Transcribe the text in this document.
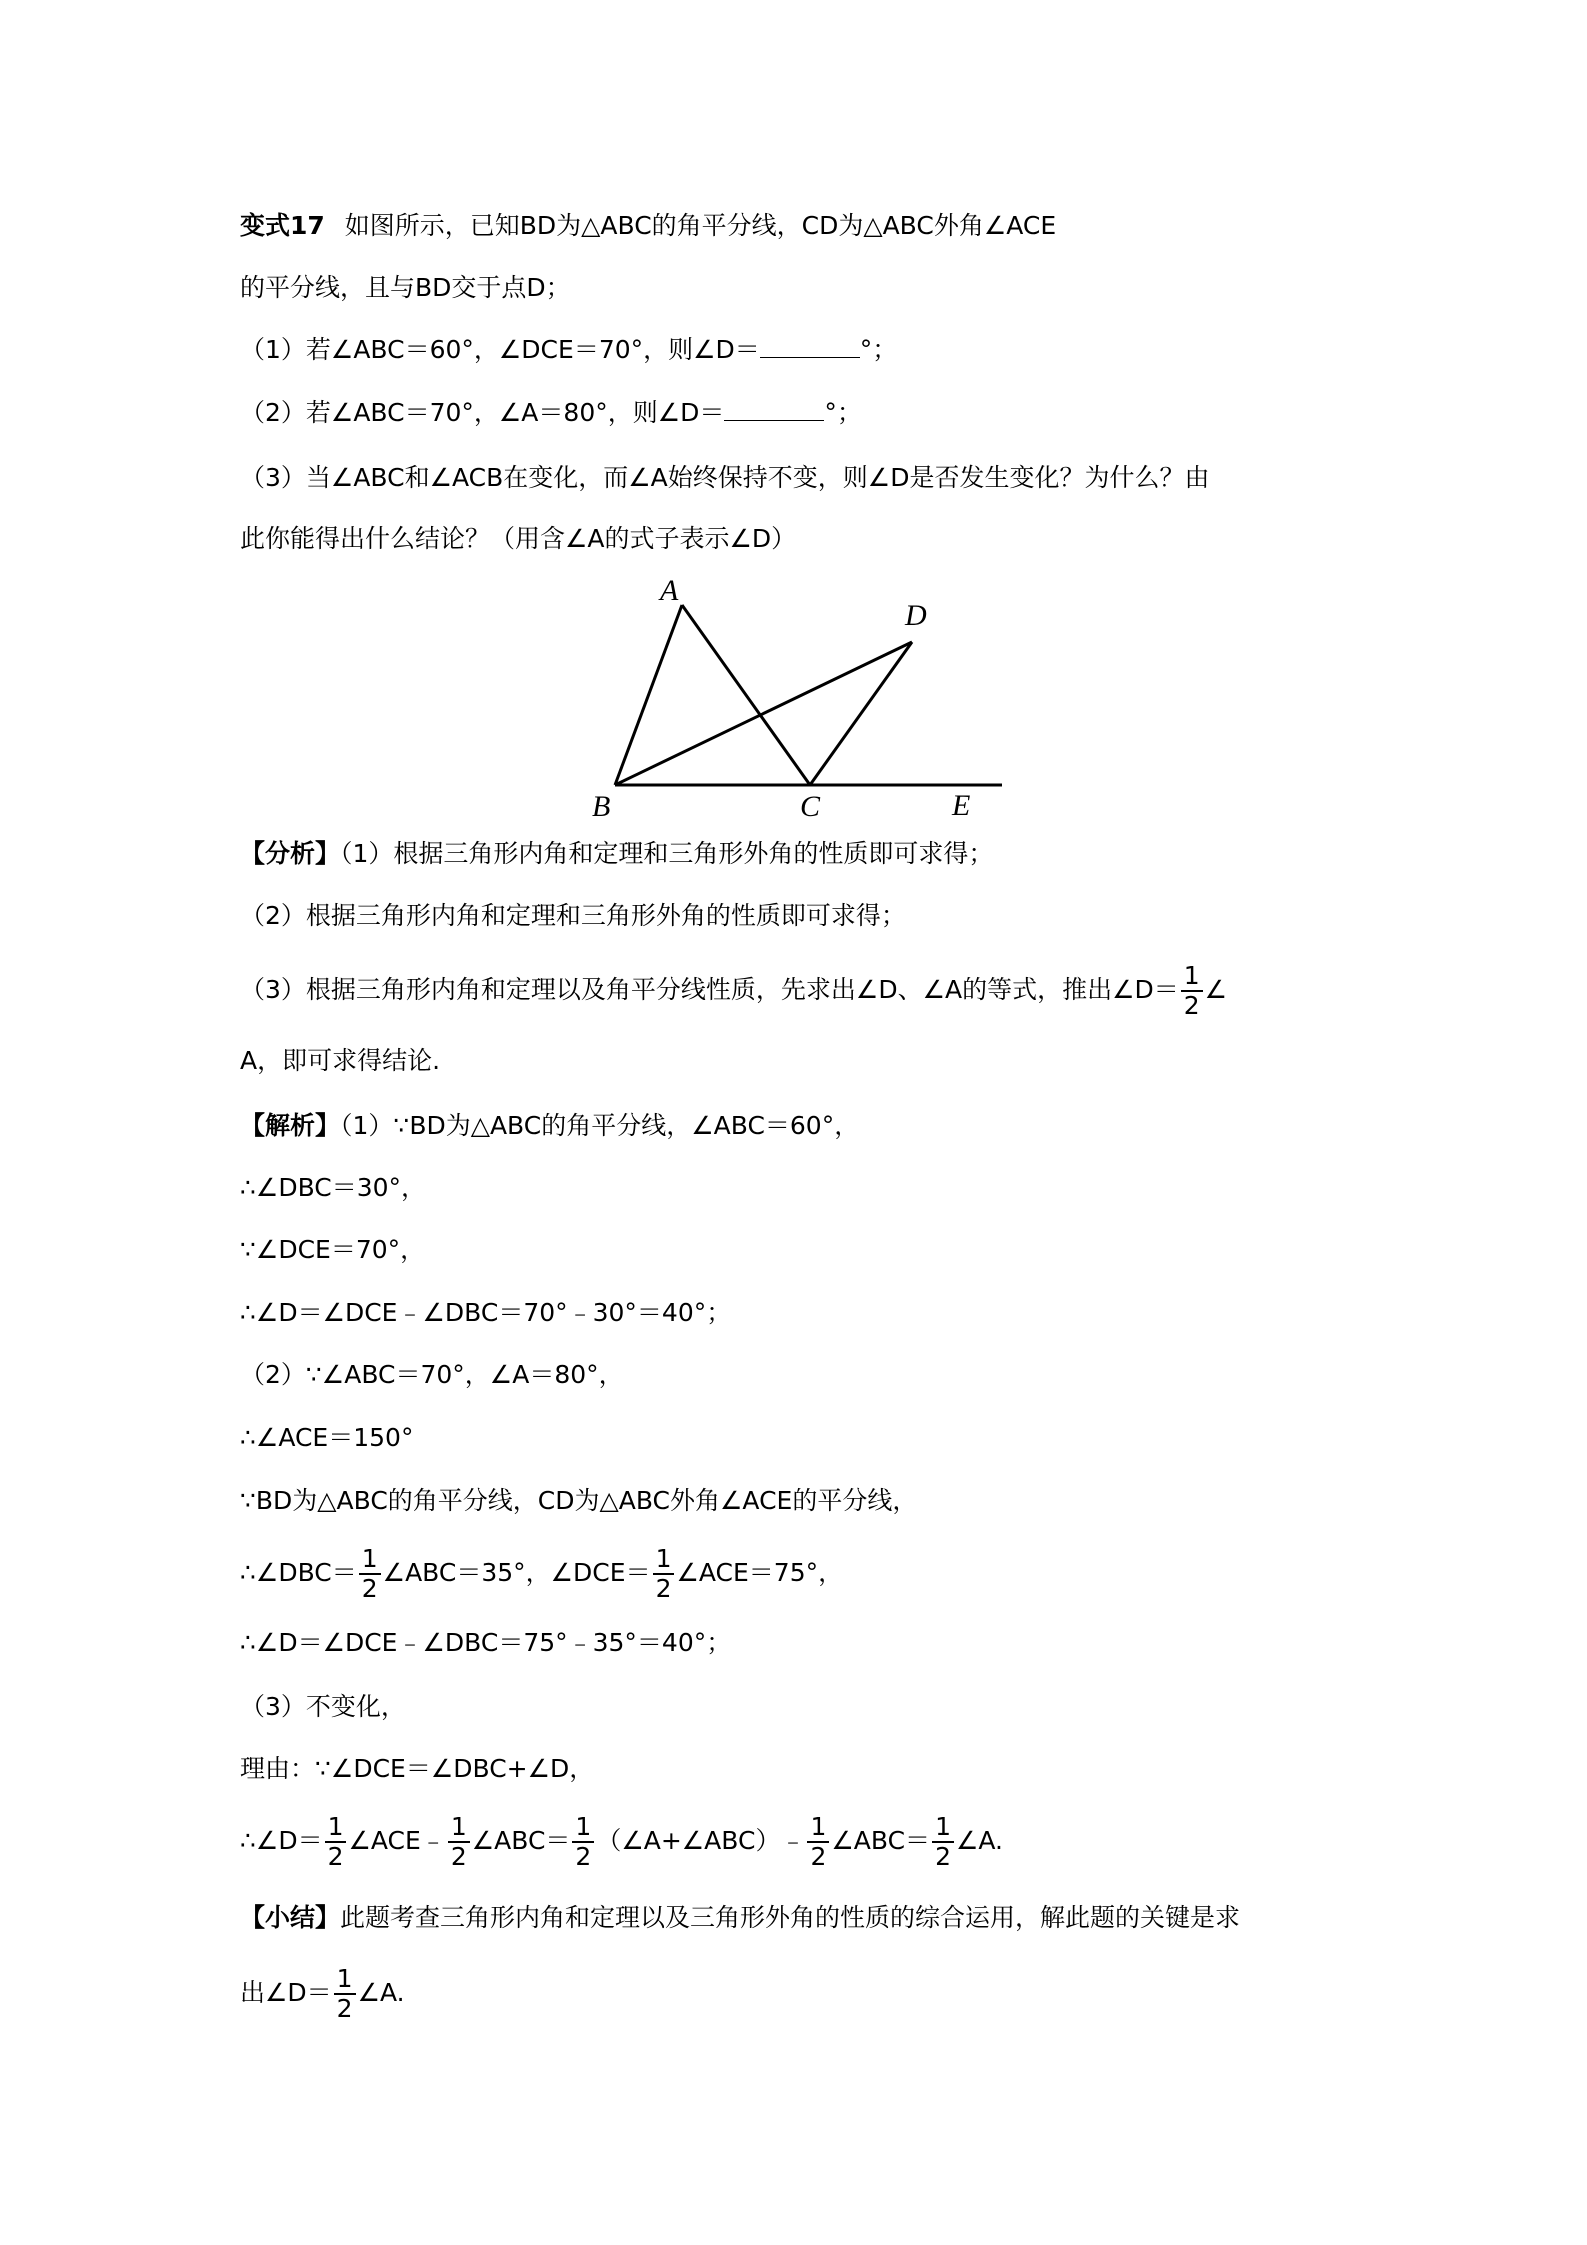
变式17 如图所示，已知BD为△ABC的角平分线，CD为△ABC外角∠ACE
的平分线，且与BD交于点D；
（1）若∠ABC＝60°，∠DCE＝70°，则∠D＝	°；
（2）若∠ABC＝70°，∠A＝80°，则∠D＝	°；
（3）当∠ABC和∠ACB在变化，而∠A始终保持不变，则∠D是否发生变化？为什么？由
此你能得出什么结论？（用含∠A的式子表示∠D）
A
B	C
D
E
【分析】（1）根据三角形内角和定理和三角形外角的性质即可求得；
（2）根据三角形内角和定理和三角形外角的性质即可求得；
（3）根据三角形内角和定理以及角平分线性质，先求出∠D、∠A的等式，推出∠D＝ $\frac{1}{2}$ ∠
A，即可求得结论.
【解析】（1）∵BD为△ABC的角平分线，∠ABC＝60°，
∴∠DBC＝30°，
∵∠DCE＝70°，
∴∠D＝∠DCE﹣∠DBC＝70°﹣30°＝40°；
（2）∵∠ABC＝70°，∠A＝80°，
∴∠ACE＝150°
∵BD为△ABC的角平分线，CD为△ABC外角∠ACE的平分线，
∴∠DBC＝ $\frac{1}{2}$ ∠ABC＝35°，∠DCE＝ $\frac{1}{2}$ ∠ACE＝75°，
∴∠D＝∠DCE﹣∠DBC＝75°﹣35°＝40°；
（3）不变化，
理由：∵∠DCE＝∠DBC+∠D，
∴∠D＝ $\frac{1}{2}$ ∠ACE﹣ $\frac{1}{2}$ ∠ABC＝ $\frac{1}{2}$ （∠A+∠ABC）﹣ $\frac{1}{2}$ ∠ABC＝ $\frac{1}{2}$ ∠A.
【小结】此题考查三角形内角和定理以及三角形外角的性质的综合运用，解此题的关键是求
出∠D＝ $\frac{1}{2}$ ∠A.
